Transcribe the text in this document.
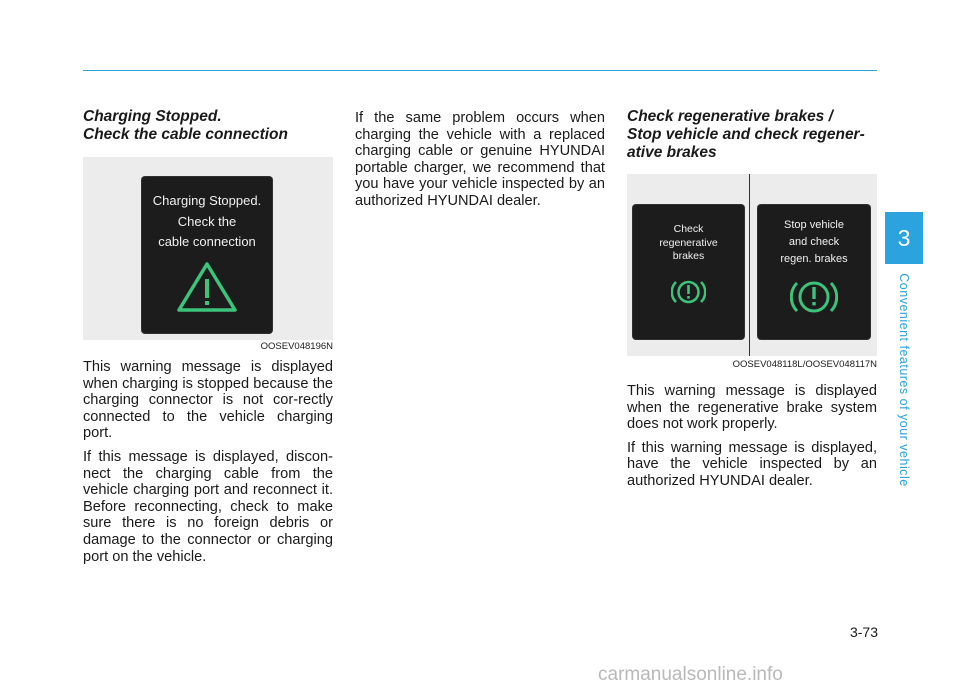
Charging Stopped.
Check the cable connection
Charging Stopped.
Check the
cable connection
OOSEV048196N

This warning message is displayed when charging is stopped because the charging connector is not cor-rectly connected to the vehicle charging port.

If this message is displayed, discon-nect the charging cable from the vehicle charging port and reconnect it. Before reconnecting, check to make sure there is no foreign debris or damage to the connector or charging port on the vehicle.

If the same problem occurs when charging the vehicle with a replaced charging cable or genuine HYUNDAI portable charger, we recommend that you have your vehicle inspected by an authorized HYUNDAI dealer.

Check regenerative brakes /
Stop vehicle and check regener-
ative brakes
Check
regenerative
brakes
Stop vehicle
and check
regen. brakes
OOSEV048118L/OOSEV048117N

This warning message is displayed when the regenerative brake system does not work properly.

If this warning message is displayed, have the vehicle inspected by an authorized HYUNDAI dealer.

3
Convenient features of your vehicle
3-73
carmanualsonline.info
